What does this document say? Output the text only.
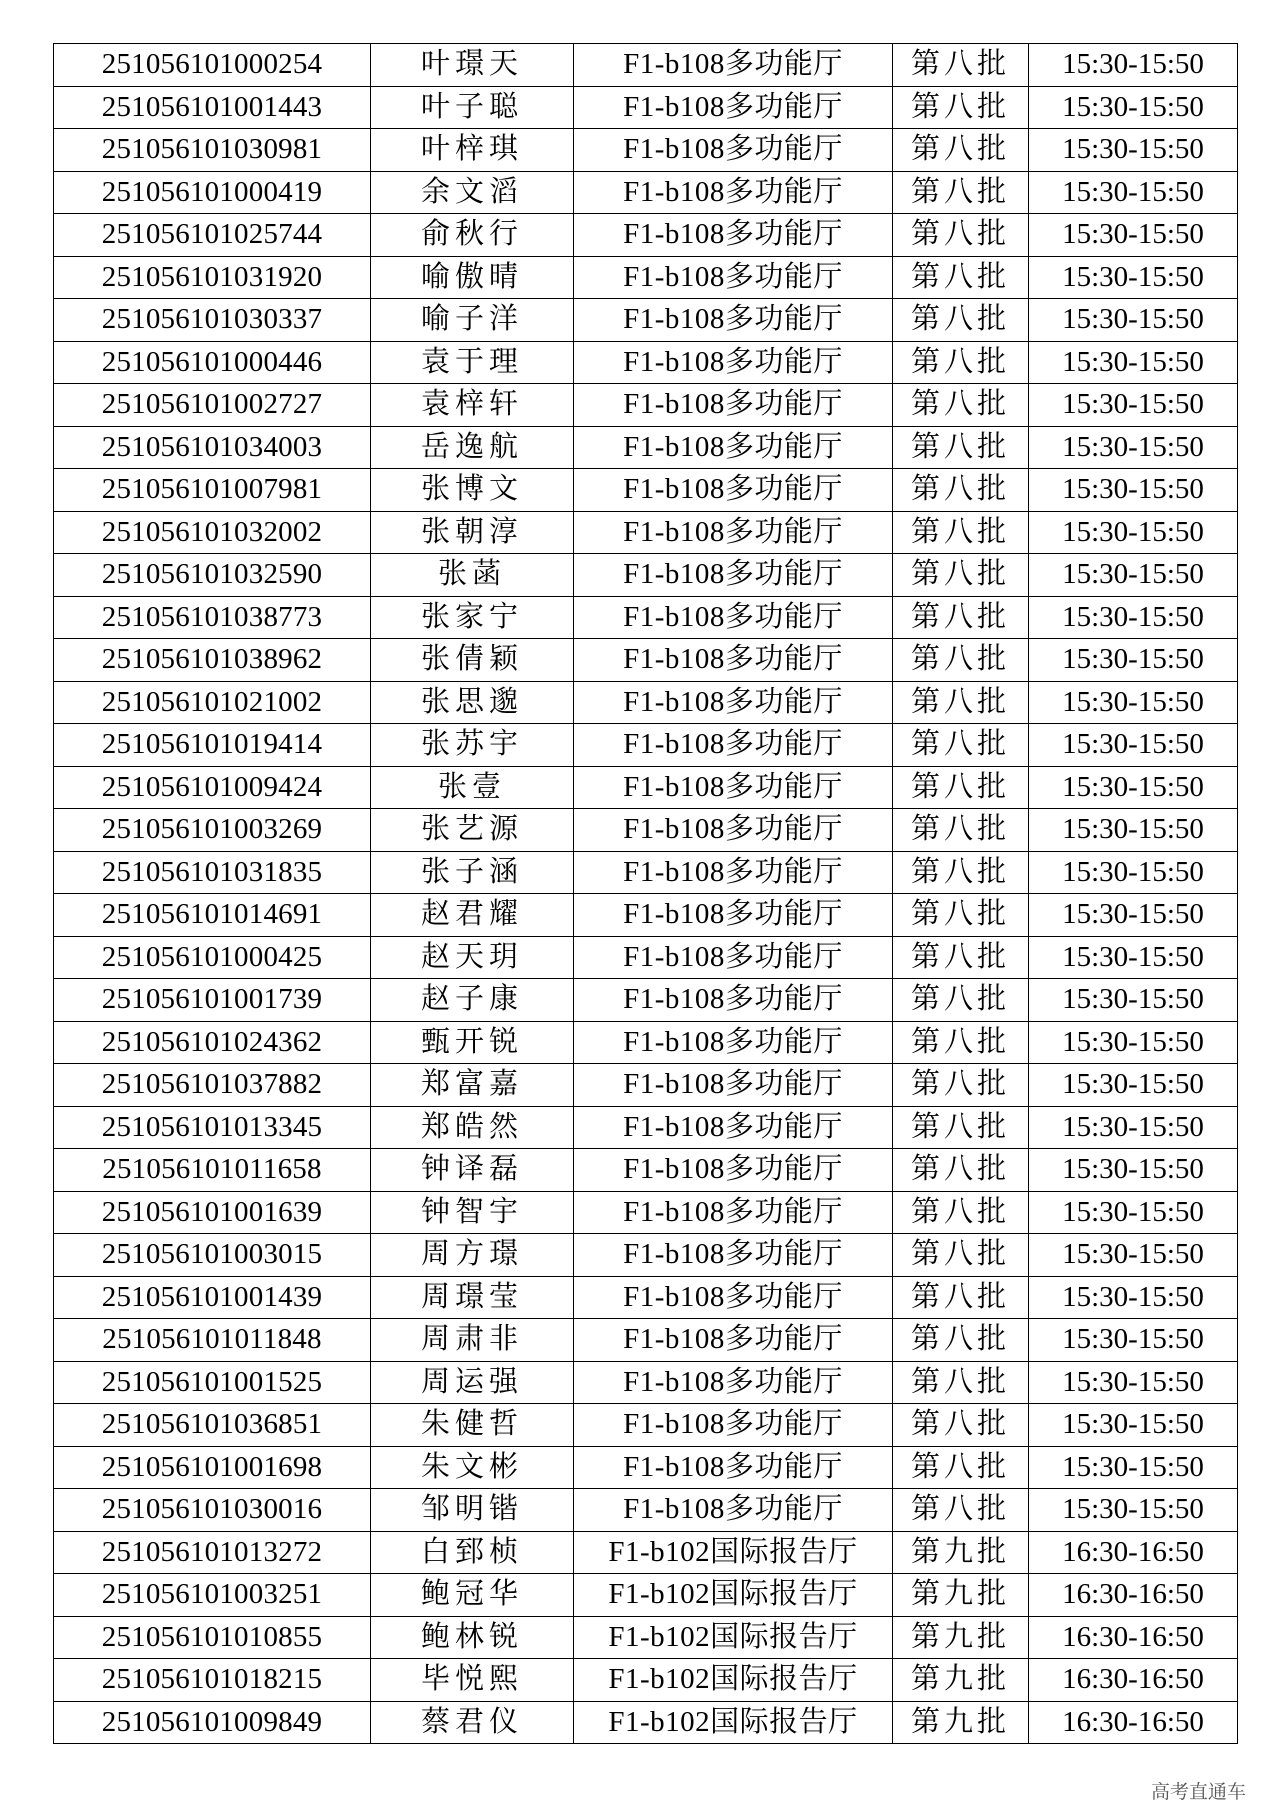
251056101000254	叶璟天	F1-b108多功能厅	第八批	15:30-15:50
251056101001443	叶子聪	F1-b108多功能厅	第八批	15:30-15:50
251056101030981	叶梓琪	F1-b108多功能厅	第八批	15:30-15:50
251056101000419	余文滔	F1-b108多功能厅	第八批	15:30-15:50
251056101025744	俞秋行	F1-b108多功能厅	第八批	15:30-15:50
251056101031920	喻傲晴	F1-b108多功能厅	第八批	15:30-15:50
251056101030337	喻子洋	F1-b108多功能厅	第八批	15:30-15:50
251056101000446	袁于理	F1-b108多功能厅	第八批	15:30-15:50
251056101002727	袁梓轩	F1-b108多功能厅	第八批	15:30-15:50
251056101034003	岳逸航	F1-b108多功能厅	第八批	15:30-15:50
251056101007981	张博文	F1-b108多功能厅	第八批	15:30-15:50
251056101032002	张朝淳	F1-b108多功能厅	第八批	15:30-15:50
251056101032590	张菡	F1-b108多功能厅	第八批	15:30-15:50
251056101038773	张家宁	F1-b108多功能厅	第八批	15:30-15:50
251056101038962	张倩颖	F1-b108多功能厅	第八批	15:30-15:50
251056101021002	张思邈	F1-b108多功能厅	第八批	15:30-15:50
251056101019414	张苏宇	F1-b108多功能厅	第八批	15:30-15:50
251056101009424	张壹	F1-b108多功能厅	第八批	15:30-15:50
251056101003269	张艺源	F1-b108多功能厅	第八批	15:30-15:50
251056101031835	张子涵	F1-b108多功能厅	第八批	15:30-15:50
251056101014691	赵君耀	F1-b108多功能厅	第八批	15:30-15:50
251056101000425	赵天玥	F1-b108多功能厅	第八批	15:30-15:50
251056101001739	赵子康	F1-b108多功能厅	第八批	15:30-15:50
251056101024362	甄开锐	F1-b108多功能厅	第八批	15:30-15:50
251056101037882	郑富嘉	F1-b108多功能厅	第八批	15:30-15:50
251056101013345	郑皓然	F1-b108多功能厅	第八批	15:30-15:50
251056101011658	钟译磊	F1-b108多功能厅	第八批	15:30-15:50
251056101001639	钟智宇	F1-b108多功能厅	第八批	15:30-15:50
251056101003015	周方璟	F1-b108多功能厅	第八批	15:30-15:50
251056101001439	周璟莹	F1-b108多功能厅	第八批	15:30-15:50
251056101011848	周肃非	F1-b108多功能厅	第八批	15:30-15:50
251056101001525	周运强	F1-b108多功能厅	第八批	15:30-15:50
251056101036851	朱健哲	F1-b108多功能厅	第八批	15:30-15:50
251056101001698	朱文彬	F1-b108多功能厅	第八批	15:30-15:50
251056101030016	邹明锴	F1-b108多功能厅	第八批	15:30-15:50
251056101013272	白郅桢	F1-b102国际报告厅	第九批	16:30-16:50
251056101003251	鲍冠华	F1-b102国际报告厅	第九批	16:30-16:50
251056101010855	鲍林锐	F1-b102国际报告厅	第九批	16:30-16:50
251056101018215	毕悦熙	F1-b102国际报告厅	第九批	16:30-16:50
251056101009849	蔡君仪	F1-b102国际报告厅	第九批	16:30-16:50
高考直通车
